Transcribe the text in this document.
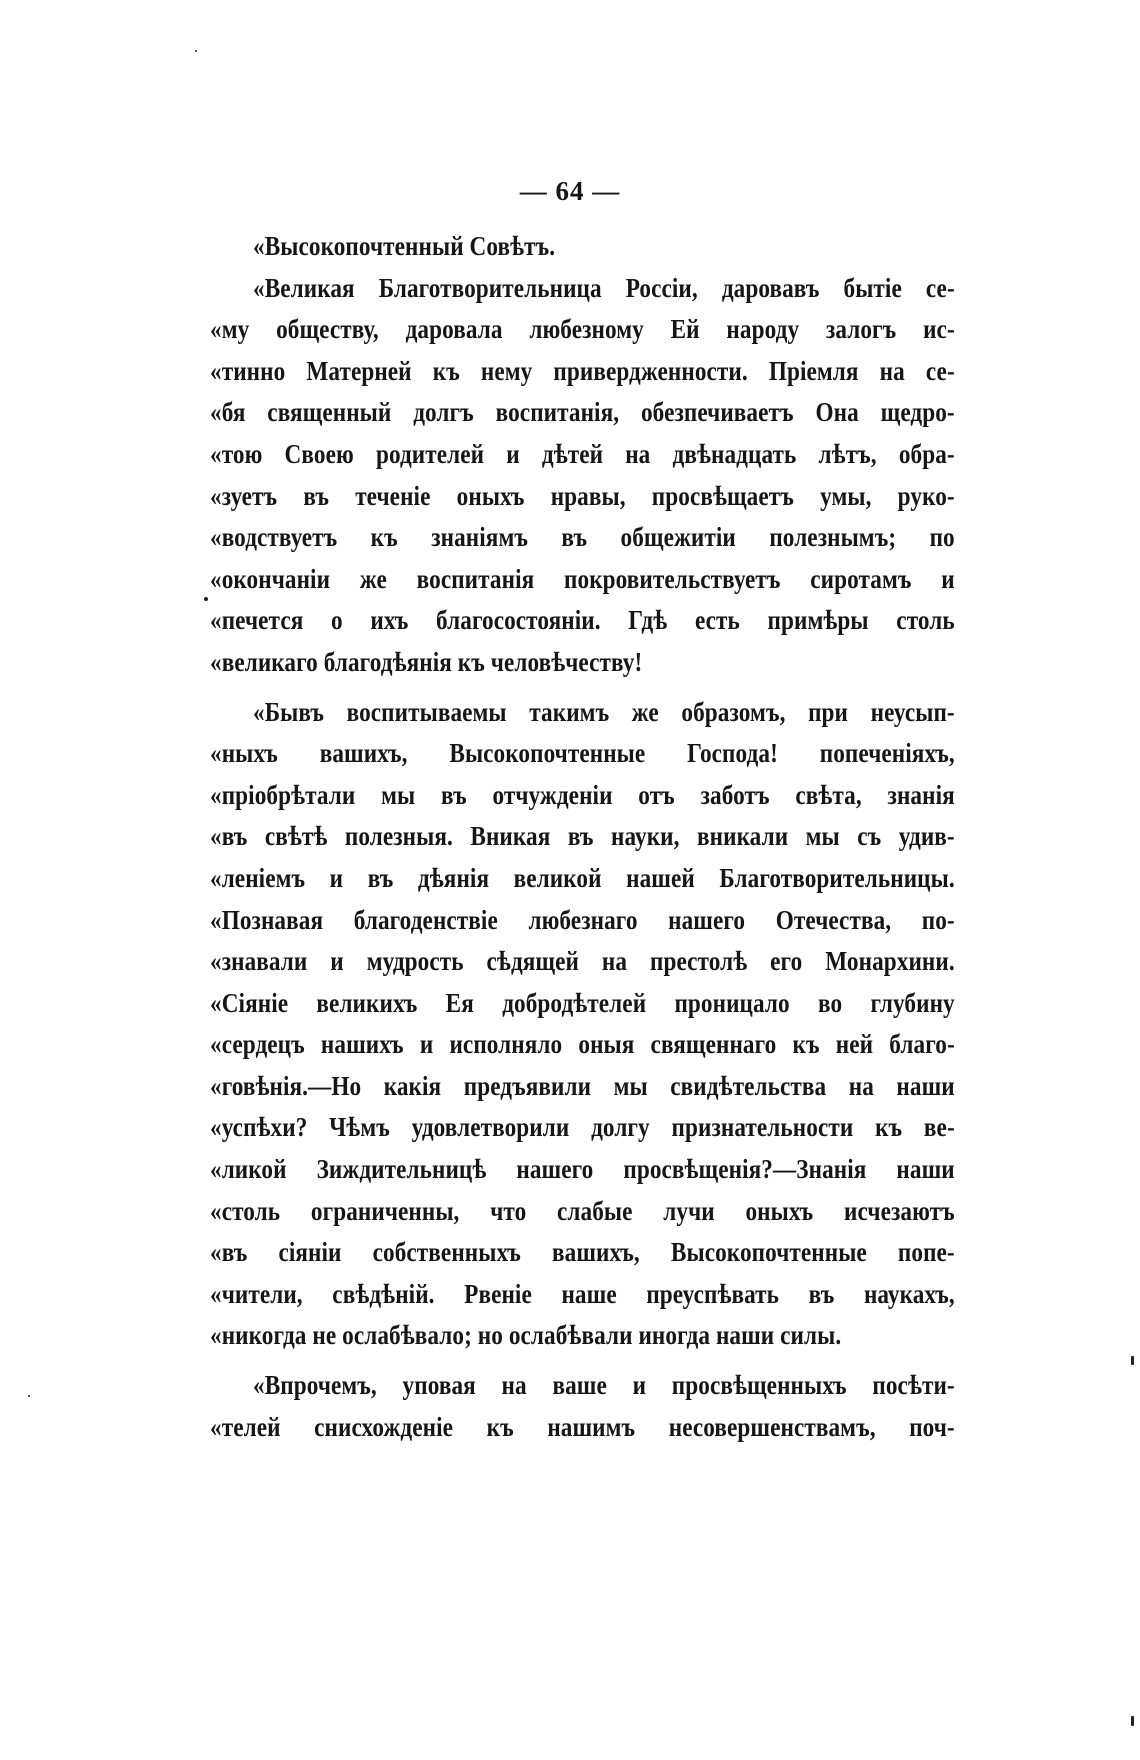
— 64 —
«Высокопочтенный Совѣтъ.
«Великая Благотворительница Россіи, даровавъ бытіе се-
«му обществу, даровала любезному Ей народу залогъ ис-
«тинно Матерней къ нему привердженности. Пріемля на се-
«бя священный долгъ воспитанія, обезпечиваетъ Она щедро-
«тою Своею родителей и дѣтей на двѣнадцать лѣтъ, обра-
«зуетъ въ теченіе оныхъ нравы, просвѣщаетъ умы, руко-
«водствуетъ къ знаніямъ въ общежитіи полезнымъ; по
«окончаніи же воспитанія покровительствуетъ сиротамъ и
«печется о ихъ благосостояніи. Гдѣ есть примѣры столь
«великаго благодѣянія къ человѣчеству!
«Бывъ воспитываемы такимъ же образомъ, при неусып-
«ныхъ вашихъ, Высокопочтенные Господа! попеченіяхъ,
«пріобрѣтали мы въ отчужденіи отъ заботъ свѣта, знанія
«въ свѣтѣ полезныя. Вникая въ науки, вникали мы съ удив-
«леніемъ и въ дѣянія великой нашей Благотворительницы.
«Познавая благоденствіе любезнаго нашего Отечества, по-
«знавали и мудрость сѣдящей на престолѣ его Монархини.
«Сіяніе великихъ Ея добродѣтелей проницало во глубину
«сердецъ нашихъ и исполняло оныя священнаго къ ней благо-
«говѣнія.—Но какія предъявили мы свидѣтельства на наши
«успѣхи? Чѣмъ удовлетворили долгу признательности къ ве-
«ликой Зиждительницѣ нашего просвѣщенія?—Знанія наши
«столь ограниченны, что слабые лучи оныхъ исчезаютъ
«въ сіяніи собственныхъ вашихъ, Высокопочтенные попе-
«чители, свѣдѣній. Рвеніе наше преуспѣвать въ наукахъ,
«никогда не ослабѣвало; но ослабѣвали иногда наши силы.
«Впрочемъ, уповая на ваше и просвѣщенныхъ посѣти-
«телей снисхожденіе къ нашимъ несовершенствамъ, поч-
